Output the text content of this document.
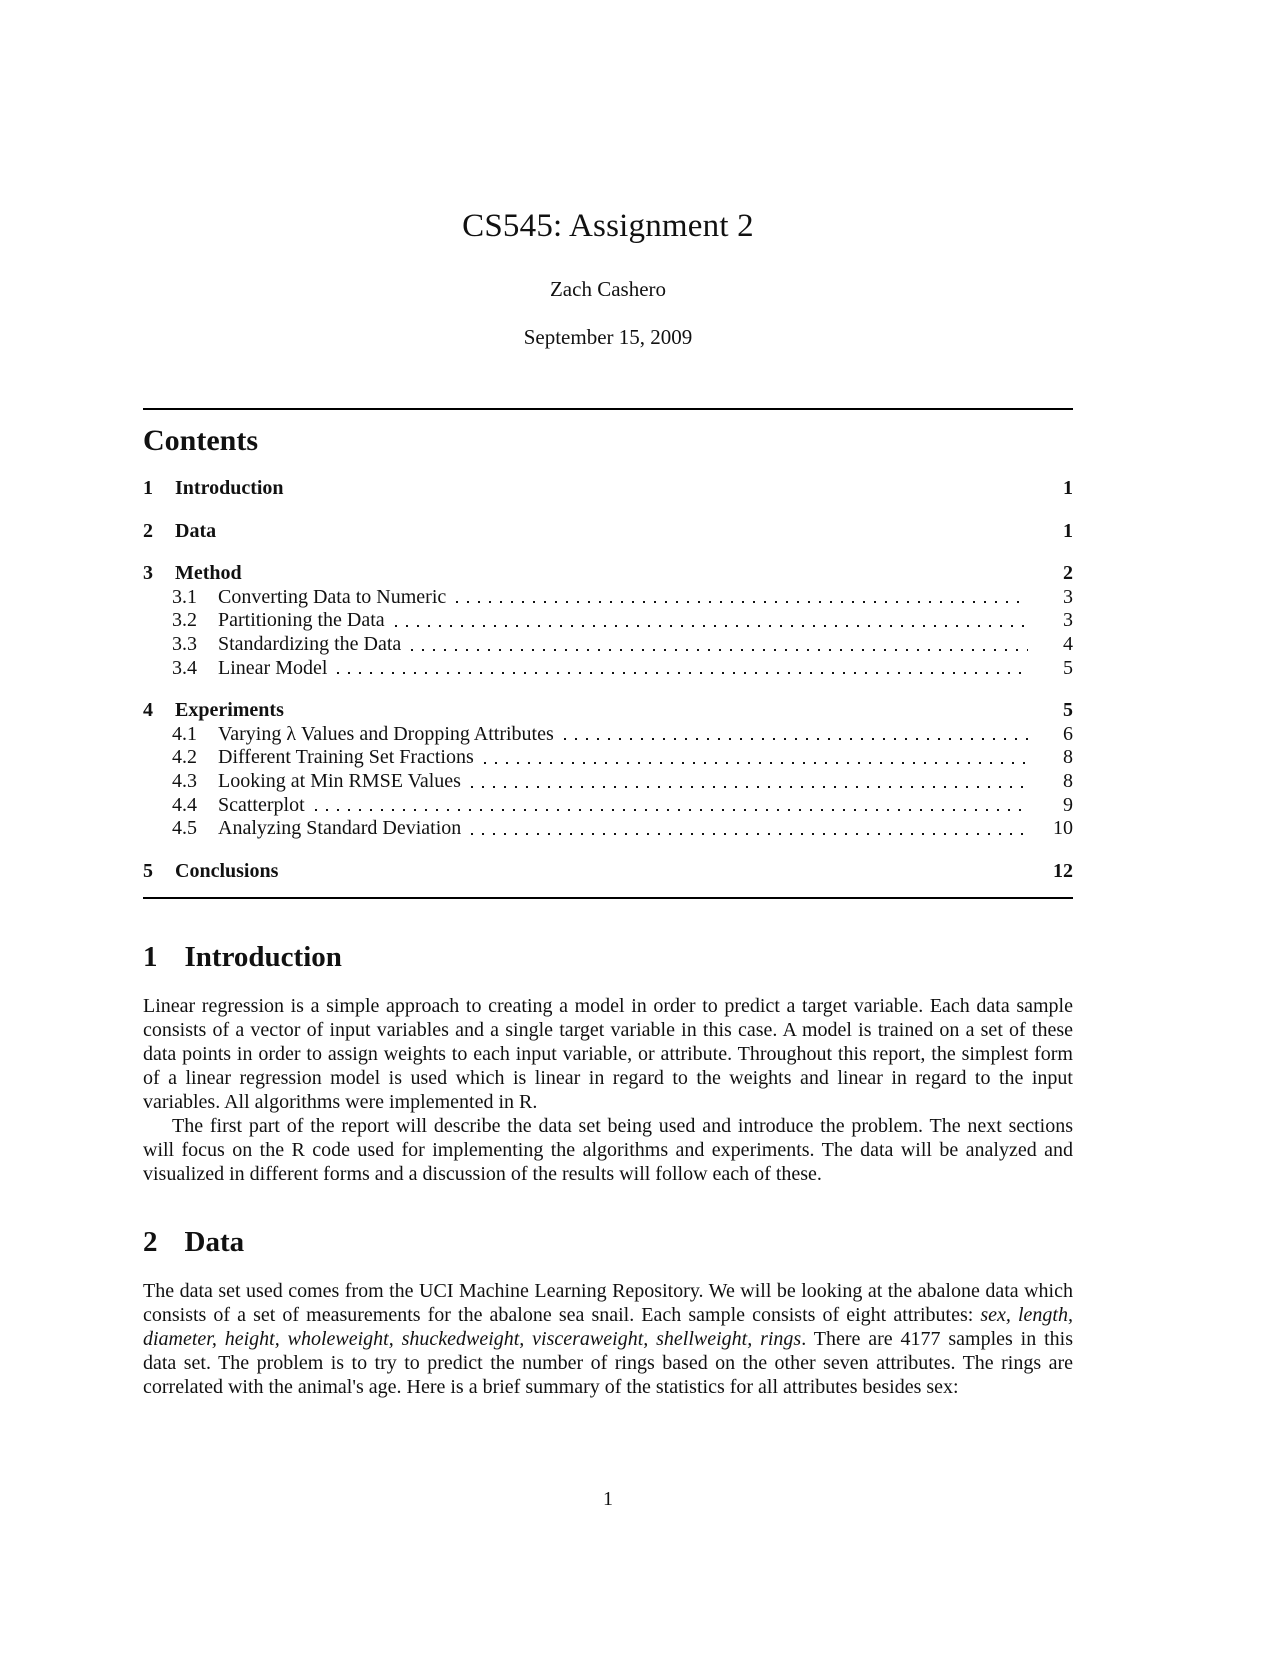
CS545: Assignment 2
Zach Cashero
September 15, 2009
Contents
1	Introduction	1
2	Data	1
3	Method	2
3.1	Converting Data to Numeric	3
3.2	Partitioning the Data	3
3.3	Standardizing the Data	4
3.4	Linear Model	5
4	Experiments	5
4.1	Varying λ Values and Dropping Attributes	6
4.2	Different Training Set Fractions	8
4.3	Looking at Min RMSE Values	8
4.4	Scatterplot	9
4.5	Analyzing Standard Deviation	10
5	Conclusions	12
1 Introduction

Linear regression is a simple approach to creating a model in order to predict a target variable. Each data sample consists of a vector of input variables and a single target variable in this case. A model is trained on a set of these data points in order to assign weights to each input variable, or attribute. Throughout this report, the simplest form of a linear regression model is used which is linear in regard to the weights and linear in regard to the input variables. All algorithms were implemented in R.

The first part of the report will describe the data set being used and introduce the problem. The next sections will focus on the R code used for implementing the algorithms and experiments. The data will be analyzed and visualized in different forms and a discussion of the results will follow each of these.

2 Data

The data set used comes from the UCI Machine Learning Repository. We will be looking at the abalone data which consists of a set of measurements for the abalone sea snail. Each sample consists of eight attributes: sex, length, diameter, height, wholeweight, shuckedweight, visceraweight, shellweight, rings. There are 4177 samples in this data set. The problem is to try to predict the number of rings based on the other seven attributes. The rings are correlated with the animal's age. Here is a brief summary of the statistics for all attributes besides sex:

1
